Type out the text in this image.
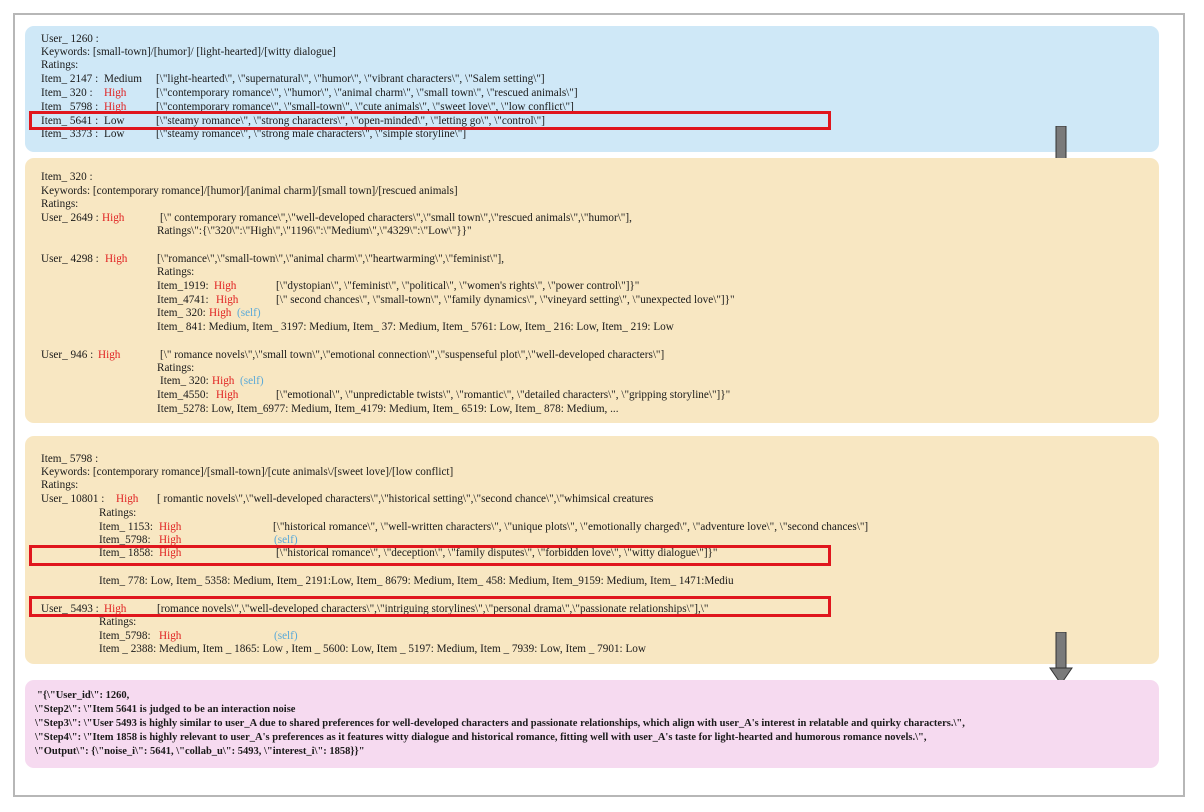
User_ 1260 :
Keywords: [small-town]/[humor]/ [light-hearted]/[witty dialogue]
Ratings:
Item_ 2147 : Medium [\"light-hearted\", \"supernatural\", \"humor\", \"vibrant characters\", \"Salem setting\"]
Item_ 320 : High	[\"contemporary romance\", \"humor\", \"animal charm\", \"small town\", \"rescued animals\"]
Item_ 5798 : High	[\"contemporary romance\", \"small-town\", \"cute animals\", \"sweet love\", \"low conflict\"]
Item_ 5641 : Low	[\"steamy romance\", \"strong characters\", \"open-minded\", \"letting go\", \"control\"]
Item_ 3373 : Low	[\"steamy romance\", \"strong male characters\", \"simple storyline\"]
Item_ 320 :
Keywords: [contemporary romance]/[humor]/[animal charm]/[small town]/[rescued animals]
Ratings:
User_ 2649 : High	[\" contemporary romance\",\"well-developed characters\",\"small town\",\"rescued animals\",\"humor\"],
Ratings\":{\"320\":\"High\",\"1196\":\"Medium\",\"4329\":\"Low\"}}"
User_ 4298 : High	[\"romance\",\"small-town\",\"animal charm\",\"heartwarming\",\"feminist\"],
Ratings:
Item_1919: High	[\"dystopian\", \"feminist\", \"political\", \"women's rights\", \"power control\"]}"
Item_4741: High	[\" second chances\", \"small-town\", \"family dynamics\", \"vineyard setting\", \"unexpected love\"]}"
Item_ 320: High (self)
Item_ 841: Medium, Item_ 3197: Medium, Item_ 37: Medium, Item_ 5761: Low, Item_ 216: Low, Item_ 219: Low
User_ 946 : High	[\" romance novels\",\"small town\",\"emotional connection\",\"suspenseful plot\",\"well-developed characters\"]
Ratings:
Item_ 320: High (self)
Item_4550: High	[\"emotional\", \"unpredictable twists\", \"romantic\", \"detailed characters\", \"gripping storyline\"]}"
Item_5278: Low, Item_6977: Medium, Item_4179: Medium, Item_ 6519: Low, Item_ 878: Medium, ...
Item_ 5798 :
Keywords: [contemporary romance]/[small-town]/[cute animals\/[sweet love]/[low conflict]
Ratings:
User_ 10801 : High [ romantic novels\",\"well-developed characters\",\"historical setting\",\"second chance\",\"whimsical creatures
Ratings:
Item_ 1153: High	[\"historical romance\", \"well-written characters\", \"unique plots\", \"emotionally charged\", \"adventure love\", \"second chances\"]
Item_5798: High	(self)
Item_ 1858: High	[\"historical romance\", \"deception\", \"family disputes\", \"forbidden love\", \"witty dialogue\"]}"
Item_ 778: Low, Item_ 5358: Medium, Item_ 2191:Low, Item_ 8679: Medium, Item_ 458: Medium, Item_9159: Medium, Item_ 1471:Mediu
User_ 5493 : High	[romance novels\",\"well-developed characters\",\"intriguing storylines\",\"personal drama\",\"passionate relationships\"],\"
Ratings:
Item_5798: High	(self)
Item _ 2388: Medium, Item _ 1865: Low , Item _ 5600: Low, Item _ 5197: Medium, Item _ 7939: Low, Item _ 7901: Low
"{\"User_id\": 1260,
\"Step2\": \"Item 5641 is judged to be an interaction noise
\"Step3\": \"User 5493 is highly similar to user_A due to shared preferences for well-developed characters and passionate relationships, which align with user_A's interest in relatable and quirky characters.\",
\"Step4\": \"Item 1858 is highly relevant to user_A's preferences as it features witty dialogue and historical romance, fitting well with user_A's taste for light-hearted and humorous romance novels.\",
\"Output\": {\"noise_i\": 5641, \"collab_u\": 5493, \"interest_i\": 1858}}"
